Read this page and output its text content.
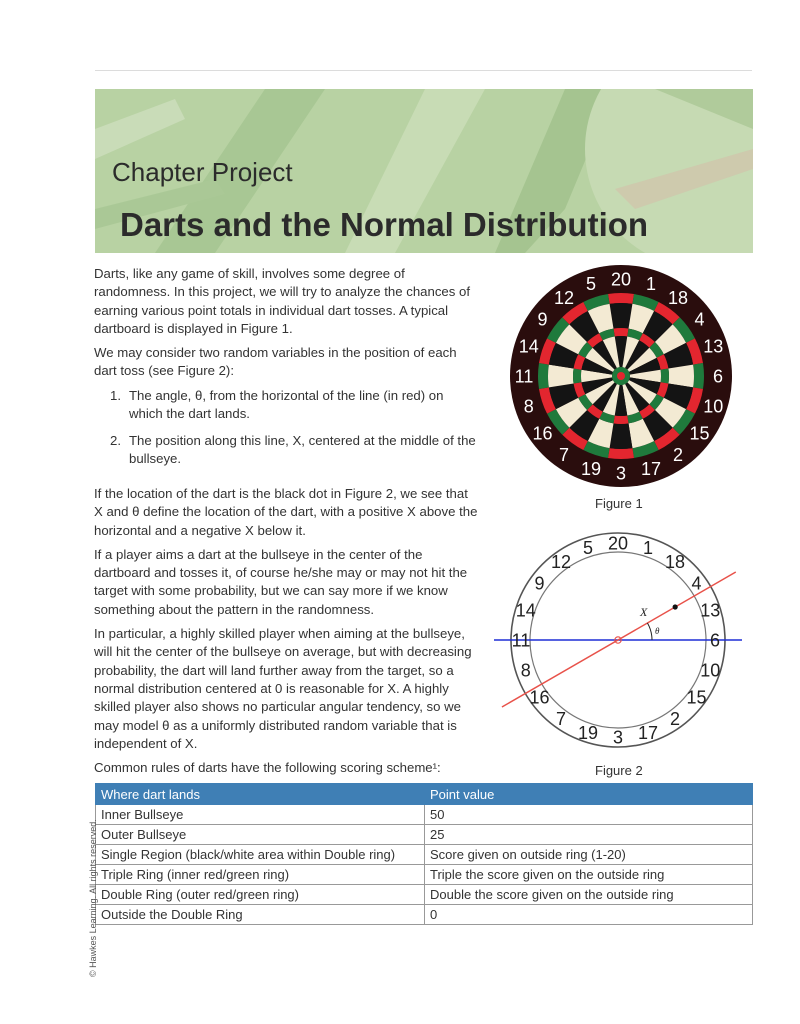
Chapter Project
Darts and the Normal Distribution

Darts, like any game of skill, involves some degree of randomness. In this project, we will try to analyze the chances of earning various point totals in individual dart tosses. A typical dartboard is displayed in Figure 1.

We may consider two random variables in the position of each dart toss (see Figure 2):

1. The angle, θ, from the horizontal of the line (in red) on which the dart lands.
2. The position along this line, X, centered at the middle of the bullseye.

If the location of the dart is the black dot in Figure 2, we see that X and θ define the location of the dart, with a positive X above the horizontal and a negative X below it.

If a player aims a dart at the bullseye in the center of the dartboard and tosses it, of course he/she may or may not hit the target with some probability, but we can say more if we know something about the pattern in the randomness.

In particular, a highly skilled player when aiming at the bullseye, will hit the center of the bullseye on average, but with decreasing probability, the dart will land further away from the target, so a normal distribution centered at 0 is reasonable for X. A highly skilled player also shows no particular angular tendency, so we may model θ as a uniformly distributed random variable that is independent of X.

Common rules of darts have the following scoring scheme¹:

20 1
18
4
13
6
10
15
2
17
3
19
7
16
8
11
14
9
12
5
Figure 1
X
θ
20 1
18
4
13
6
10
15
2
17
3
19
7
16
8
11
14
9
12
5
Figure 2
Where dart lands	Point value
Inner Bullseye	50
Outer Bullseye	25
Single Region (black/white area within Double ring)	Score given on outside ring (1-20)
Triple Ring (inner red/green ring)	Triple the score given on the outside ring
Double Ring (outer red/green ring)	Double the score given on the outside ring
Outside the Double Ring	0
© Hawkes Learning. All rights reserved.
